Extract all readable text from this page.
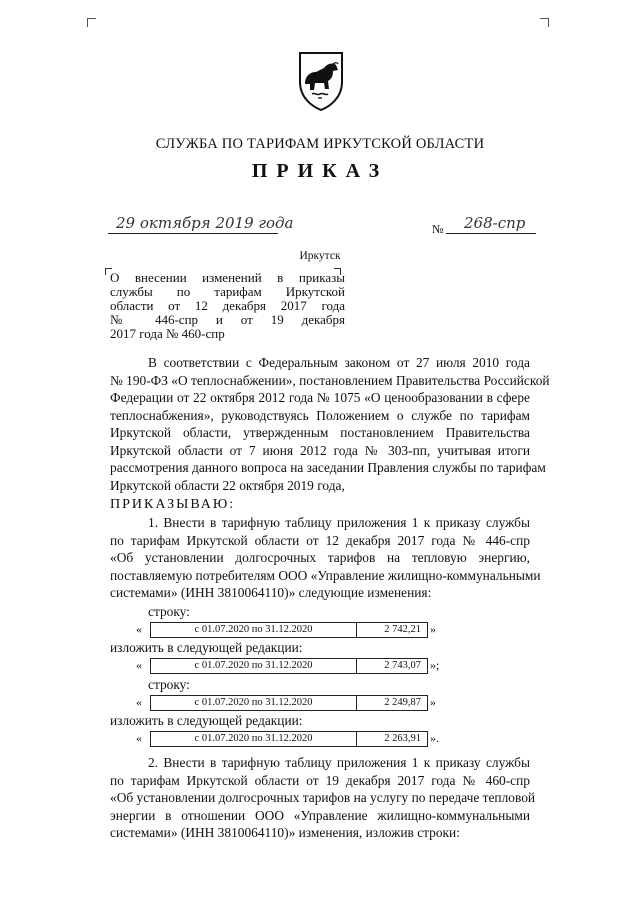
СЛУЖБА ПО ТАРИФАМ ИРКУТСКОЙ ОБЛАСТИ
ПРИКАЗ
29 октября 2019 года	№ 268-спр
Иркутск
О внесении изменений в приказы
службы по тарифам Иркутской
области от 12 декабря 2017 года
№ 446-спр и от 19 декабря
2017 года № 460-спр
В соответствии с Федеральным законом от 27 июля 2010 года
№ 190-ФЗ «О теплоснабжении», постановлением Правительства Российской
Федерации от 22 октября 2012 года № 1075 «О ценообразовании в сфере
теплоснабжения», руководствуясь Положением о службе по тарифам
Иркутской области, утвержденным постановлением Правительства
Иркутской области от 7 июня 2012 года № 303-пп, учитывая итоги
рассмотрения данного вопроса на заседании Правления службы по тарифам
Иркутской области 22 октября 2019 года,
ПРИКАЗЫВАЮ:
1. Внести в тарифную таблицу приложения 1 к приказу службы
по тарифам Иркутской области от 12 декабря 2017 года № 446-спр
«Об установлении долгосрочных тарифов на тепловую энергию,
поставляемую потребителям ООО «Управление жилищно-коммунальными
системами» (ИНН 3810064110)» следующие изменения:
строку:
«	с 01.07.2020 по 31.12.2020	2 742,21 »
изложить в следующей редакции:
«	с 01.07.2020 по 31.12.2020	2 743,07 »;
строку:
«	с 01.07.2020 по 31.12.2020	2 249,87 »
изложить в следующей редакции:
«	с 01.07.2020 по 31.12.2020	2 263,91 ».
2. Внести в тарифную таблицу приложения 1 к приказу службы
по тарифам Иркутской области от 19 декабря 2017 года № 460-спр
«Об установлении долгосрочных тарифов на услугу по передаче тепловой
энергии в отношении ООО «Управление жилищно-коммунальными
системами» (ИНН 3810064110)» изменения, изложив строки:
